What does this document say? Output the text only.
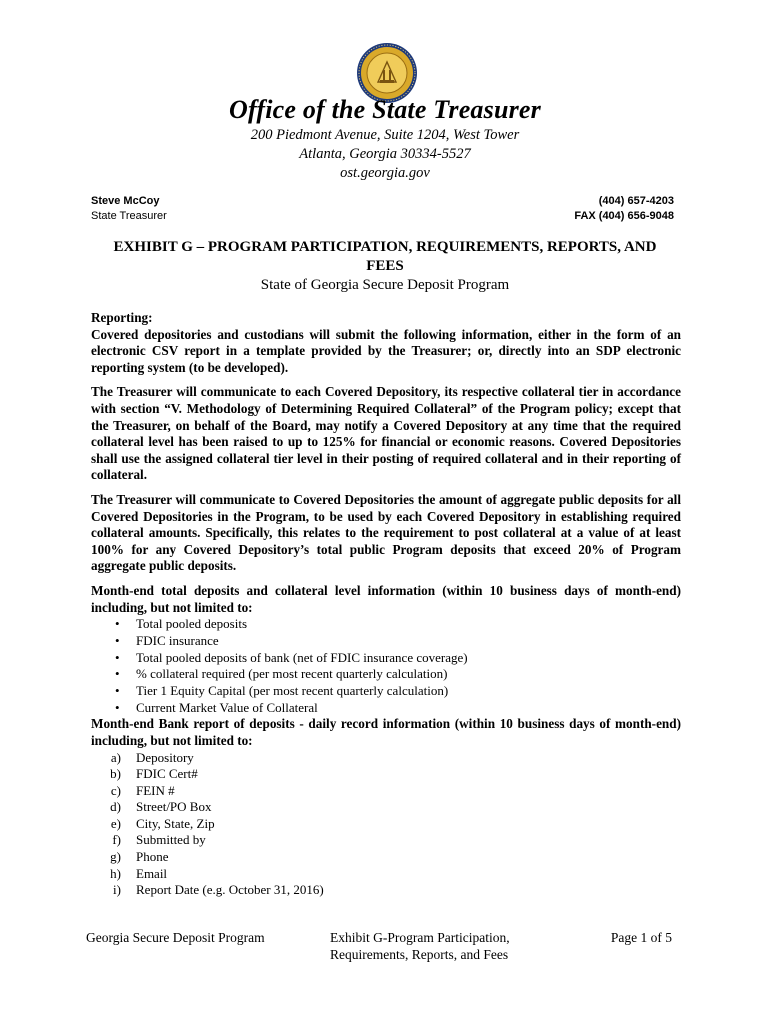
Office of the State Treasurer
200 Piedmont Avenue, Suite 1204, West Tower
Atlanta, Georgia 30334-5527
ost.georgia.gov
Steve McCoy
State Treasurer
(404) 657-4203
FAX (404) 656-9048
EXHIBIT G – PROGRAM PARTICIPATION, REQUIREMENTS, REPORTS, AND FEES
State of Georgia Secure Deposit Program

Reporting:

Covered depositories and custodians will submit the following information, either in the form of an electronic CSV report in a template provided by the Treasurer; or, directly into an SDP electronic reporting system (to be developed).

The Treasurer will communicate to each Covered Depository, its respective collateral tier in accordance with section “V. Methodology of Determining Required Collateral” of the Program policy; except that the Treasurer, on behalf of the Board, may notify a Covered Depository at any time that the required collateral level has been raised to up to 125% for financial or economic reasons. Covered Depositories shall use the assigned collateral tier level in their posting of required collateral and in their reporting of collateral.

The Treasurer will communicate to Covered Depositories the amount of aggregate public deposits for all Covered Depositories in the Program, to be used by each Covered Depository in establishing required collateral amounts. Specifically, this relates to the requirement to post collateral at a value of at least 100% for any Covered Depository’s total public Program deposits that exceed 20% of Program aggregate public deposits.

Month-end total deposits and collateral level information (within 10 business days of month-end) including, but not limited to:

• Total pooled deposits
• FDIC insurance
• Total pooled deposits of bank (net of FDIC insurance coverage)
• % collateral required (per most recent quarterly calculation)
• Tier 1 Equity Capital (per most recent quarterly calculation)
• Current Market Value of Collateral

Month-end Bank report of deposits - daily record information (within 10 business days of month-end) including, but not limited to:

a) Depository
b) FDIC Cert#
c) FEIN #
d) Street/PO Box
e) City, State, Zip
f) Submitted by
g) Phone
h) Email
i) Report Date (e.g. October 31, 2016)
Georgia Secure Deposit Program	Exhibit G-Program Participation,
Requirements, Reports, and Fees
Page 1 of 5
